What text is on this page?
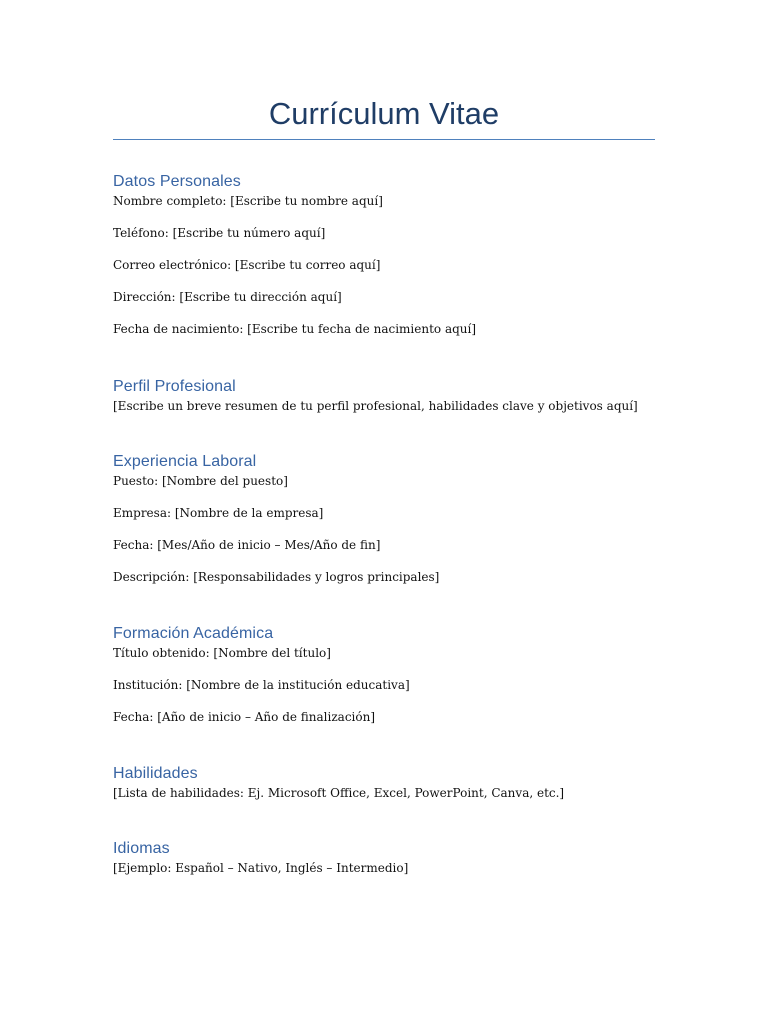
Currículum Vitae
Datos Personales

Nombre completo: [Escribe tu nombre aquí]

Teléfono: [Escribe tu número aquí]

Correo electrónico: [Escribe tu correo aquí]

Dirección: [Escribe tu dirección aquí]

Fecha de nacimiento: [Escribe tu fecha de nacimiento aquí]

Perfil Profesional

[Escribe un breve resumen de tu perfil profesional, habilidades clave y objetivos aquí]

Experiencia Laboral

Puesto: [Nombre del puesto]

Empresa: [Nombre de la empresa]

Fecha: [Mes/Año de inicio – Mes/Año de fin]

Descripción: [Responsabilidades y logros principales]

Formación Académica

Título obtenido: [Nombre del título]

Institución: [Nombre de la institución educativa]

Fecha: [Año de inicio – Año de finalización]

Habilidades

[Lista de habilidades: Ej. Microsoft Office, Excel, PowerPoint, Canva, etc.]

Idiomas

[Ejemplo: Español – Nativo, Inglés – Intermedio]
